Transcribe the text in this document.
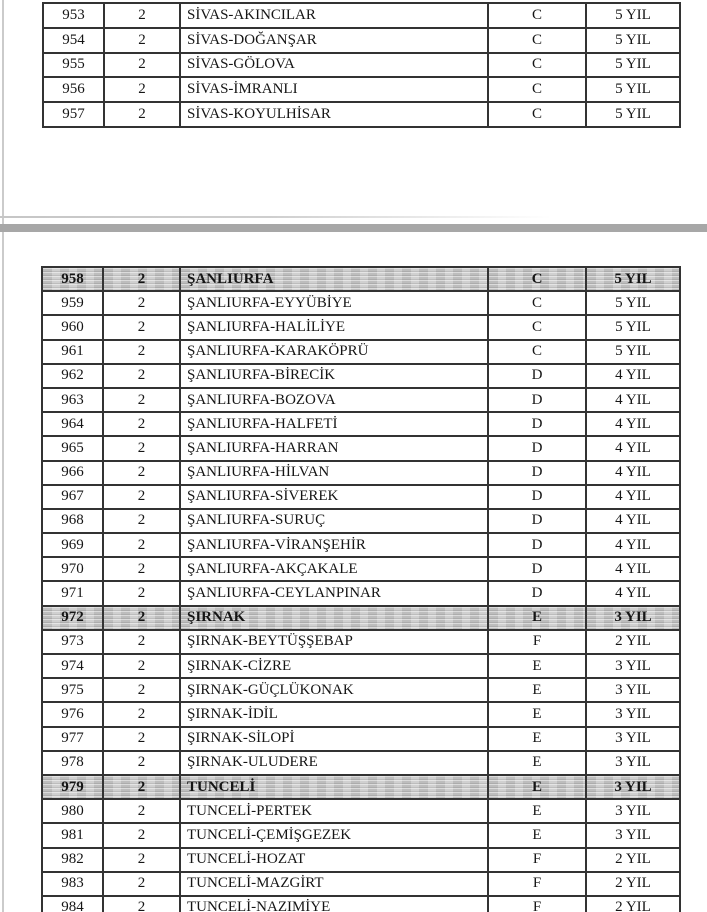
953	2	SİVAS-AKINCILAR	C	5 YIL
954	2	SİVAS-DOĞANŞAR	C	5 YIL
955	2	SİVAS-GÖLOVA	C	5 YIL
956	2	SİVAS-İMRANLI	C	5 YIL
957	2	SİVAS-KOYULHİSAR	C	5 YIL
958	2	ŞANLIURFA	C	5 YIL
959	2	ŞANLIURFA-EYYÜBİYE	C	5 YIL
960	2	ŞANLIURFA-HALİLİYE	C	5 YIL
961	2	ŞANLIURFA-KARAKÖPRÜ	C	5 YIL
962	2	ŞANLIURFA-BİRECİK	D	4 YIL
963	2	ŞANLIURFA-BOZOVA	D	4 YIL
964	2	ŞANLIURFA-HALFETİ	D	4 YIL
965	2	ŞANLIURFA-HARRAN	D	4 YIL
966	2	ŞANLIURFA-HİLVAN	D	4 YIL
967	2	ŞANLIURFA-SİVEREK	D	4 YIL
968	2	ŞANLIURFA-SURUÇ	D	4 YIL
969	2	ŞANLIURFA-VİRANŞEHİR	D	4 YIL
970	2	ŞANLIURFA-AKÇAKALE	D	4 YIL
971	2	ŞANLIURFA-CEYLANPINAR	D	4 YIL
972	2	ŞIRNAK	E	3 YIL
973	2	ŞIRNAK-BEYTÜŞŞEBAP	F	2 YIL
974	2	ŞIRNAK-CİZRE	E	3 YIL
975	2	ŞIRNAK-GÜÇLÜKONAK	E	3 YIL
976	2	ŞIRNAK-İDİL	E	3 YIL
977	2	ŞIRNAK-SİLOPİ	E	3 YIL
978	2	ŞIRNAK-ULUDERE	E	3 YIL
979	2	TUNCELİ	E	3 YIL
980	2	TUNCELİ-PERTEK	E	3 YIL
981	2	TUNCELİ-ÇEMİŞGEZEK	E	3 YIL
982	2	TUNCELİ-HOZAT	F	2 YIL
983	2	TUNCELİ-MAZGİRT	F	2 YIL
984	2	TUNCELİ-NAZIMİYE	F	2 YIL
